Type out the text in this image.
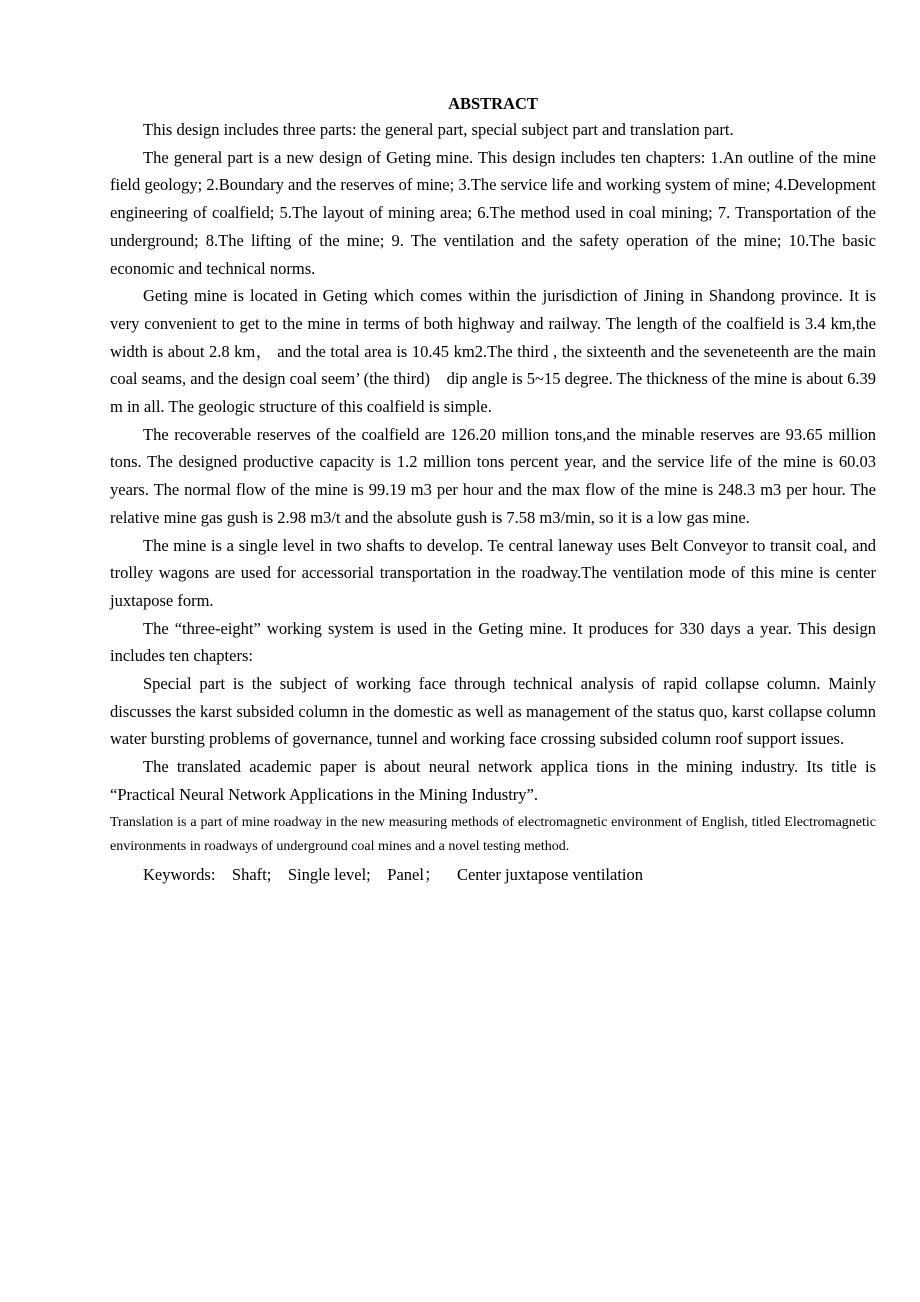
ABSTRACT

This design includes three parts: the general part, special subject part and translation part.

The general part is a new design of Geting mine. This design includes ten chapters: 1.An outline of the mine field geology; 2.Boundary and the reserves of mine; 3.The service life and working system of mine; 4.Development engineering of coalfield; 5.The layout of mining area; 6.The method used in coal mining; 7. Transportation of the underground; 8.The lifting of the mine; 9. The ventilation and the safety operation of the mine; 10.The basic economic and technical norms.

Geting mine is located in Geting which comes within the jurisdiction of Jining in Shandong province. It is very convenient to get to the mine in terms of both highway and railway. The length of the coalfield is 3.4 km,the width is about 2.8 km， and the total area is 10.45 km2.The third , the sixteenth and the seveneteenth are the main coal seams, and the design coal seem’ (the third)　dip angle is 5~15 degree. The thickness of the mine is about 6.39 m in all. The geologic structure of this coalfield is simple.

The recoverable reserves of the coalfield are 126.20 million tons,and the minable reserves are 93.65 million tons. The designed productive capacity is 1.2 million tons percent year, and the service life of the mine is 60.03 years. The normal flow of the mine is 99.19 m3 per hour and the max flow of the mine is 248.3 m3 per hour. The relative mine gas gush is 2.98 m3/t and the absolute gush is 7.58 m3/min, so it is a low gas mine.

The mine is a single level in two shafts to develop. Te central laneway uses Belt Conveyor to transit coal, and trolley wagons are used for accessorial transportation in the roadway.The ventilation mode of this mine is center juxtapose form.

The “three-eight” working system is used in the Geting mine. It produces for 330 days a year. This design includes ten chapters:

Special part is the subject of working face through technical analysis of rapid collapse column. Mainly discusses the karst subsided column in the domestic as well as management of the status quo, karst collapse column water bursting problems of governance, tunnel and working face crossing subsided column roof support issues.

The translated academic paper is about neural network applica tions in the mining industry. Its title is “Practical Neural Network Applications in the Mining Industry”.

Translation is a part of mine roadway in the new measuring methods of electromagnetic environment of English, titled Electromagnetic environments in roadways of underground coal mines and a novel testing method.

Keywords: Shaft; Single level; Panel； Center juxtapose ventilation
